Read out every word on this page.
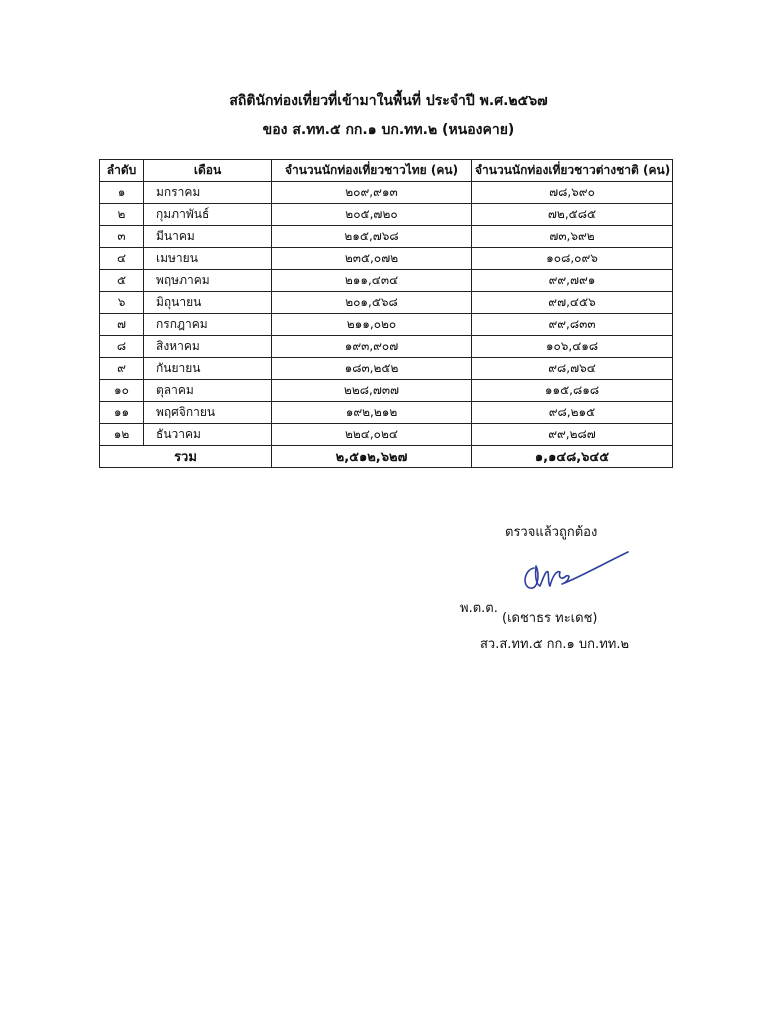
สถิตินักท่องเที่ยวที่เข้ามาในพื้นที่ ประจำปี พ.ศ.๒๕๖๗
ของ ส.ทท.๕ กก.๑ บก.ทท.๒ (หนองคาย)
ลำดับ	เดือน	จำนวนนักท่องเที่ยวชาวไทย (คน)	จำนวนนักท่องเที่ยวชาวต่างชาติ (คน)
๑	มกราคม	๒๐๙,๙๑๓	๗๘,๖๙๐
๒	กุมภาพันธ์	๒๐๕,๗๒๐	๗๒,๕๘๕
๓	มีนาคม	๒๑๕,๗๖๘	๗๓,๖๙๒
๔	เมษายน	๒๓๕,๐๗๒	๑๐๘,๐๙๖
๕	พฤษภาคม	๒๑๑,๔๓๔	๙๙,๗๙๑
๖	มิถุนายน	๒๐๑,๕๖๘	๙๗,๔๕๖
๗	กรกฎาคม	๒๑๑,๐๒๐	๙๙,๘๓๓
๘	สิงหาคม	๑๙๓,๙๐๗	๑๐๖,๔๑๘
๙	กันยายน	๑๘๓,๒๕๒	๙๘,๗๖๔
๑๐	ตุลาคม	๒๒๘,๗๓๗	๑๑๕,๘๑๘
๑๑	พฤศจิกายน	๑๙๒,๒๑๒	๙๘,๒๑๕
๑๒	ธันวาคม	๒๒๔,๐๒๔	๙๙,๒๘๗
รวม		๒,๕๑๒,๖๒๗	๑,๑๔๘,๖๔๕
ตรวจแล้วถูกต้อง
พ.ต.ต.
(เดชาธร ทะเดช)
สว.ส.ทท.๕ กก.๑ บก.ทท.๒
